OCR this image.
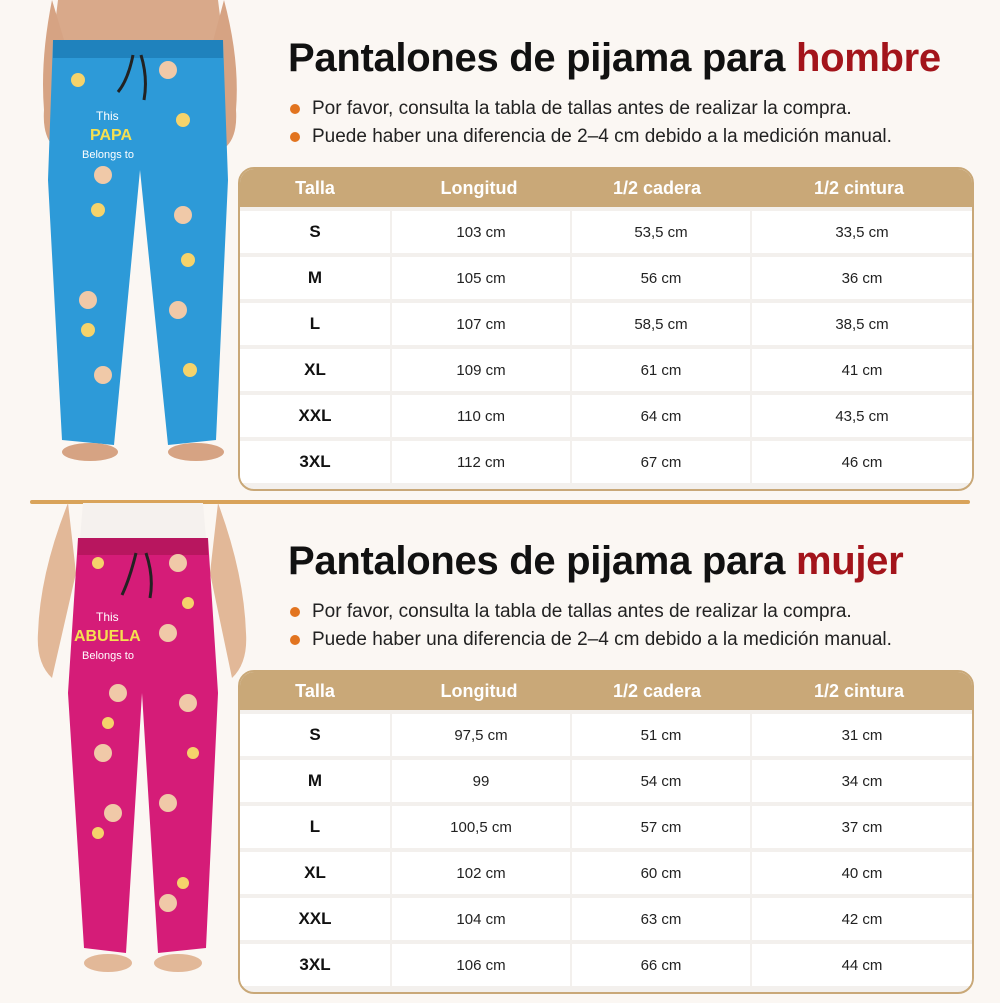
This
PAPA
Belongs to
Pantalones de pijama para hombre
Por favor, consulta la tabla de tallas antes de realizar la compra.
Puede haber una diferencia de 2–4 cm debido a la medición manual.
Talla	Longitud	1/2 cadera	1/2 cintura
S	103 cm	53,5 cm	33,5 cm
M	105 cm	56 cm	36 cm
L	107 cm	58,5 cm	38,5 cm
XL	109 cm	61 cm	41 cm
XXL	110 cm	64 cm	43,5 cm
3XL	112 cm	67 cm	46 cm
This
ABUELA
Belongs to
Pantalones de pijama para mujer
Por favor, consulta la tabla de tallas antes de realizar la compra.
Puede haber una diferencia de 2–4 cm debido a la medición manual.
Talla	Longitud	1/2 cadera	1/2 cintura
S	97,5 cm	51 cm	31 cm
M	99	54 cm	34 cm
L	100,5 cm	57 cm	37 cm
XL	102 cm	60 cm	40 cm
XXL	104 cm	63 cm	42 cm
3XL	106 cm	66 cm	44 cm
